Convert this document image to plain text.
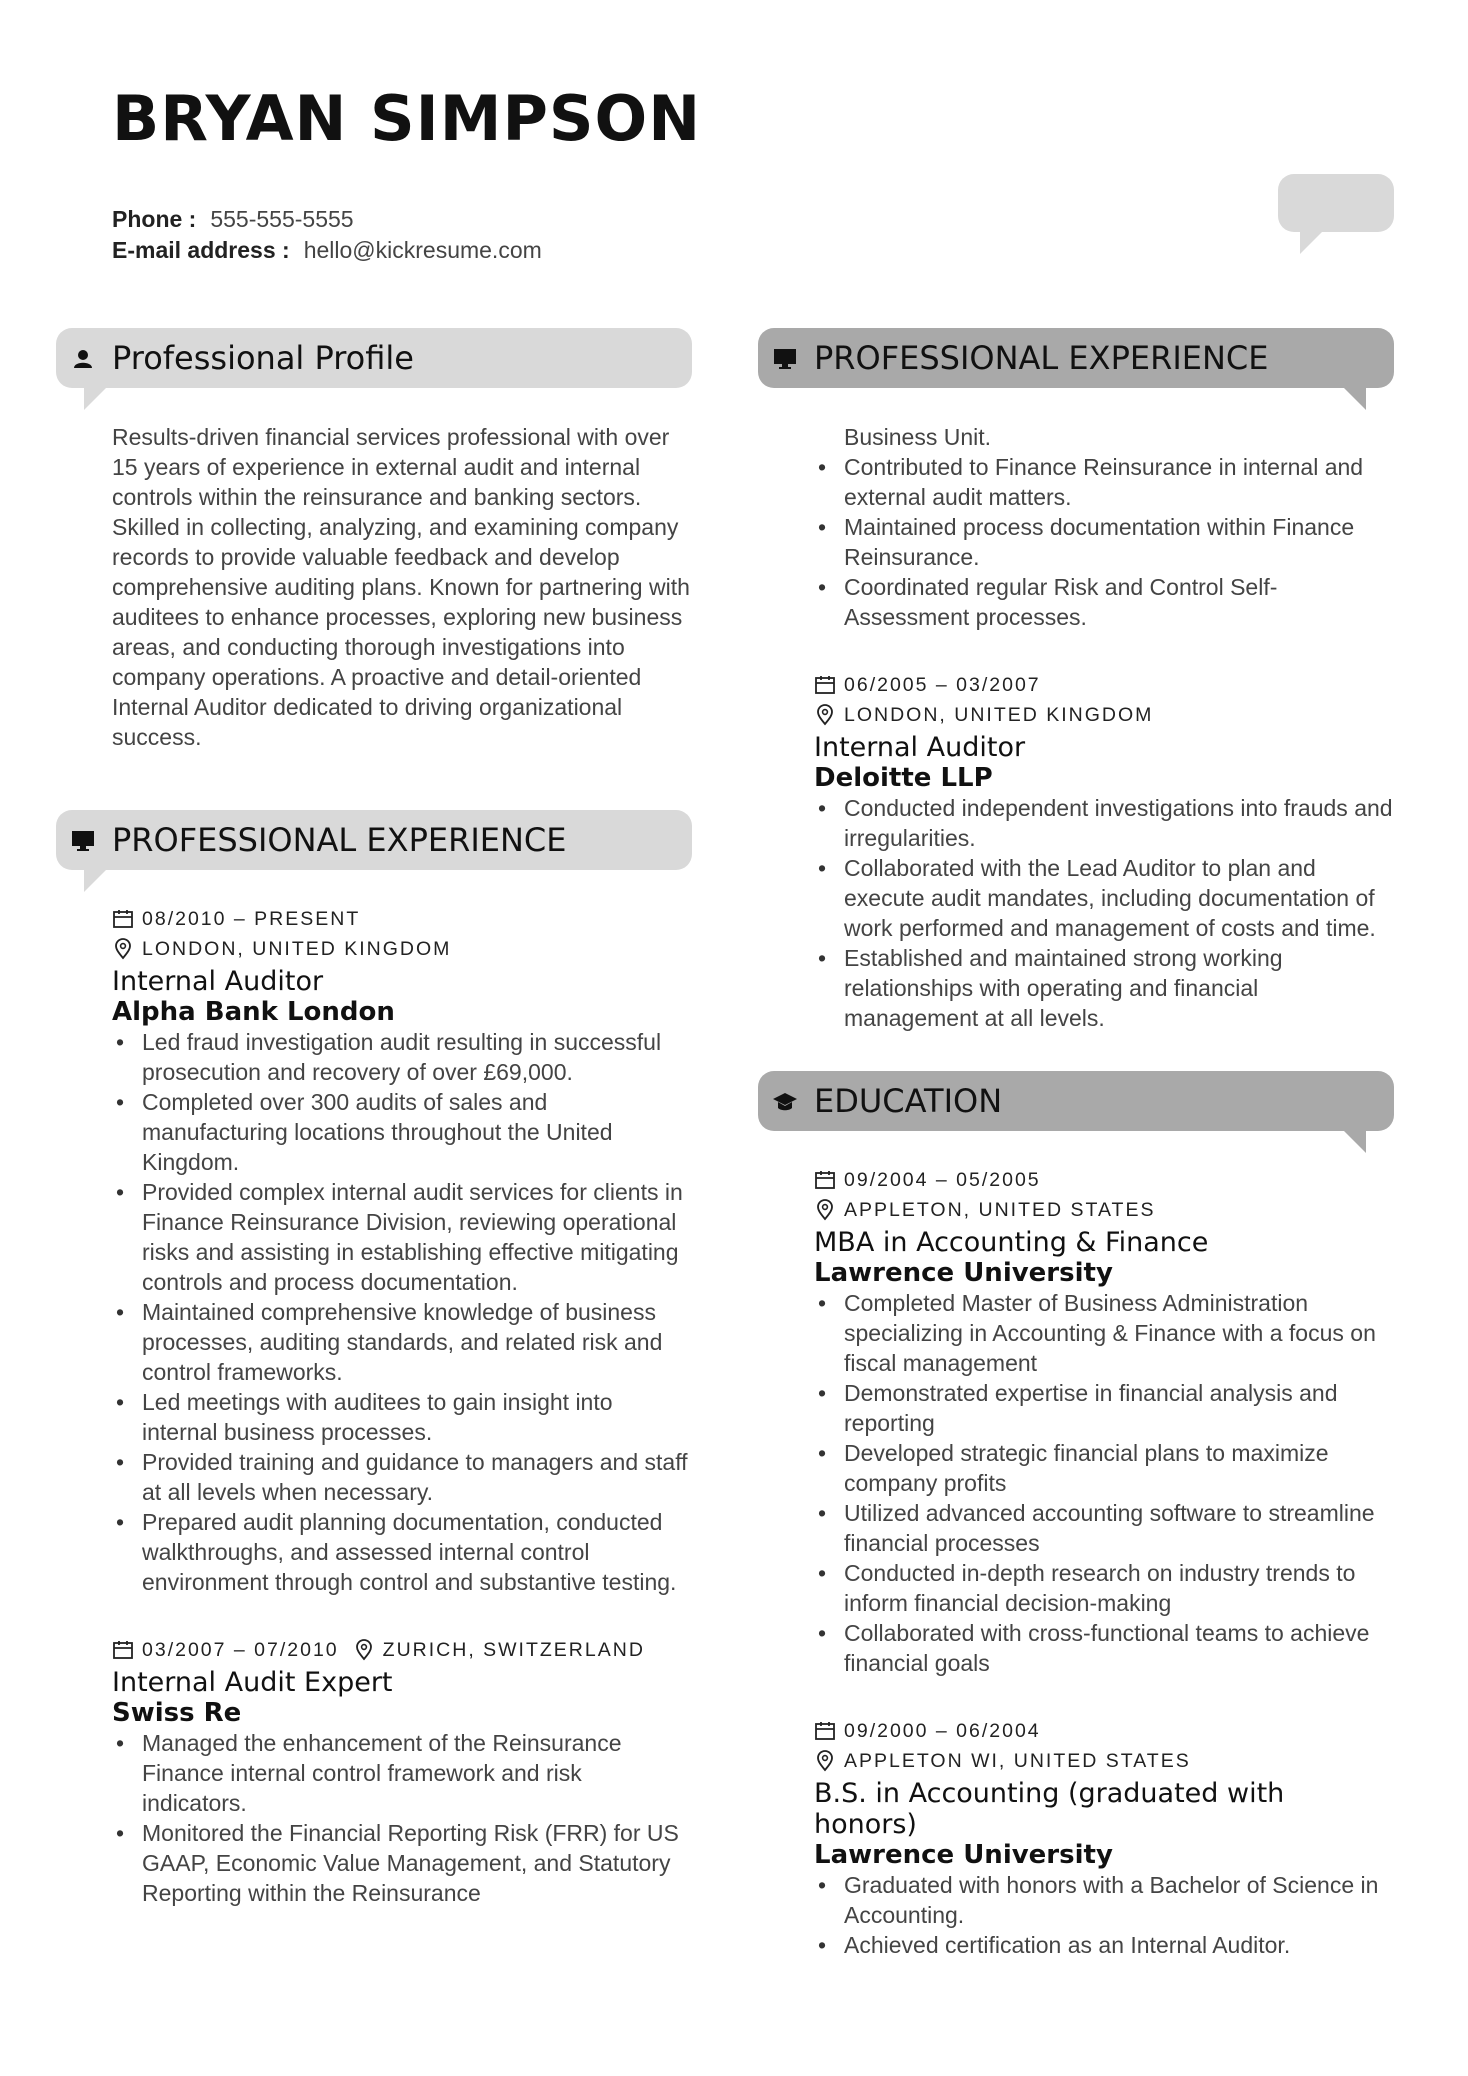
BRYAN SIMPSON
Phone : 555-555-5555
E-mail address : hello@kickresume.com
Professional Profile

Results-driven financial services professional with over 15 years of experience in external audit and internal controls within the reinsurance and banking sectors. Skilled in collecting, analyzing, and examining company records to provide valuable feedback and develop comprehensive auditing plans. Known for partnering with auditees to enhance processes, exploring new business areas, and conducting thorough investigations into company operations. A proactive and detail-oriented Internal Auditor dedicated to driving organizational success.

PROFESSIONAL EXPERIENCE
08/2010 – PRESENT
LONDON, UNITED KINGDOM
Internal Auditor
Alpha Bank London
• Led fraud investigation audit resulting in successful prosecution and recovery of over £69,000.
• Completed over 300 audits of sales and manufacturing locations throughout the United Kingdom.
• Provided complex internal audit services for clients in Finance Reinsurance Division, reviewing operational risks and assisting in establishing effective mitigating controls and process documentation.
• Maintained comprehensive knowledge of business processes, auditing standards, and related risk and control frameworks.
• Led meetings with auditees to gain insight into internal business processes.
• Provided training and guidance to managers and staff at all levels when necessary.
• Prepared audit planning documentation, conducted walkthroughs, and assessed internal control environment through control and substantive testing.
03/2007 – 07/2010 ZURICH, SWITZERLAND
Internal Audit Expert
Swiss Re
• Managed the enhancement of the Reinsurance Finance internal control framework and risk indicators.
• Monitored the Financial Reporting Risk (FRR) for US GAAP, Economic Value Management, and Statutory Reporting within the Reinsurance
PROFESSIONAL EXPERIENCE
Business Unit.
• Contributed to Finance Reinsurance in internal and external audit matters.
• Maintained process documentation within Finance Reinsurance.
• Coordinated regular Risk and Control Self-Assessment processes.
06/2005 – 03/2007
LONDON, UNITED KINGDOM
Internal Auditor
Deloitte LLP
• Conducted independent investigations into frauds and irregularities.
• Collaborated with the Lead Auditor to plan and execute audit mandates, including documentation of work performed and management of costs and time.
• Established and maintained strong working relationships with operating and financial management at all levels.
EDUCATION
09/2004 – 05/2005
APPLETON, UNITED STATES
MBA in Accounting & Finance
Lawrence University
• Completed Master of Business Administration specializing in Accounting & Finance with a focus on fiscal management
• Demonstrated expertise in financial analysis and reporting
• Developed strategic financial plans to maximize company profits
• Utilized advanced accounting software to streamline financial processes
• Conducted in-depth research on industry trends to inform financial decision-making
• Collaborated with cross-functional teams to achieve financial goals
09/2000 – 06/2004
APPLETON WI, UNITED STATES
B.S. in Accounting (graduated with honors)
Lawrence University
• Graduated with honors with a Bachelor of Science in Accounting.
• Achieved certification as an Internal Auditor.
